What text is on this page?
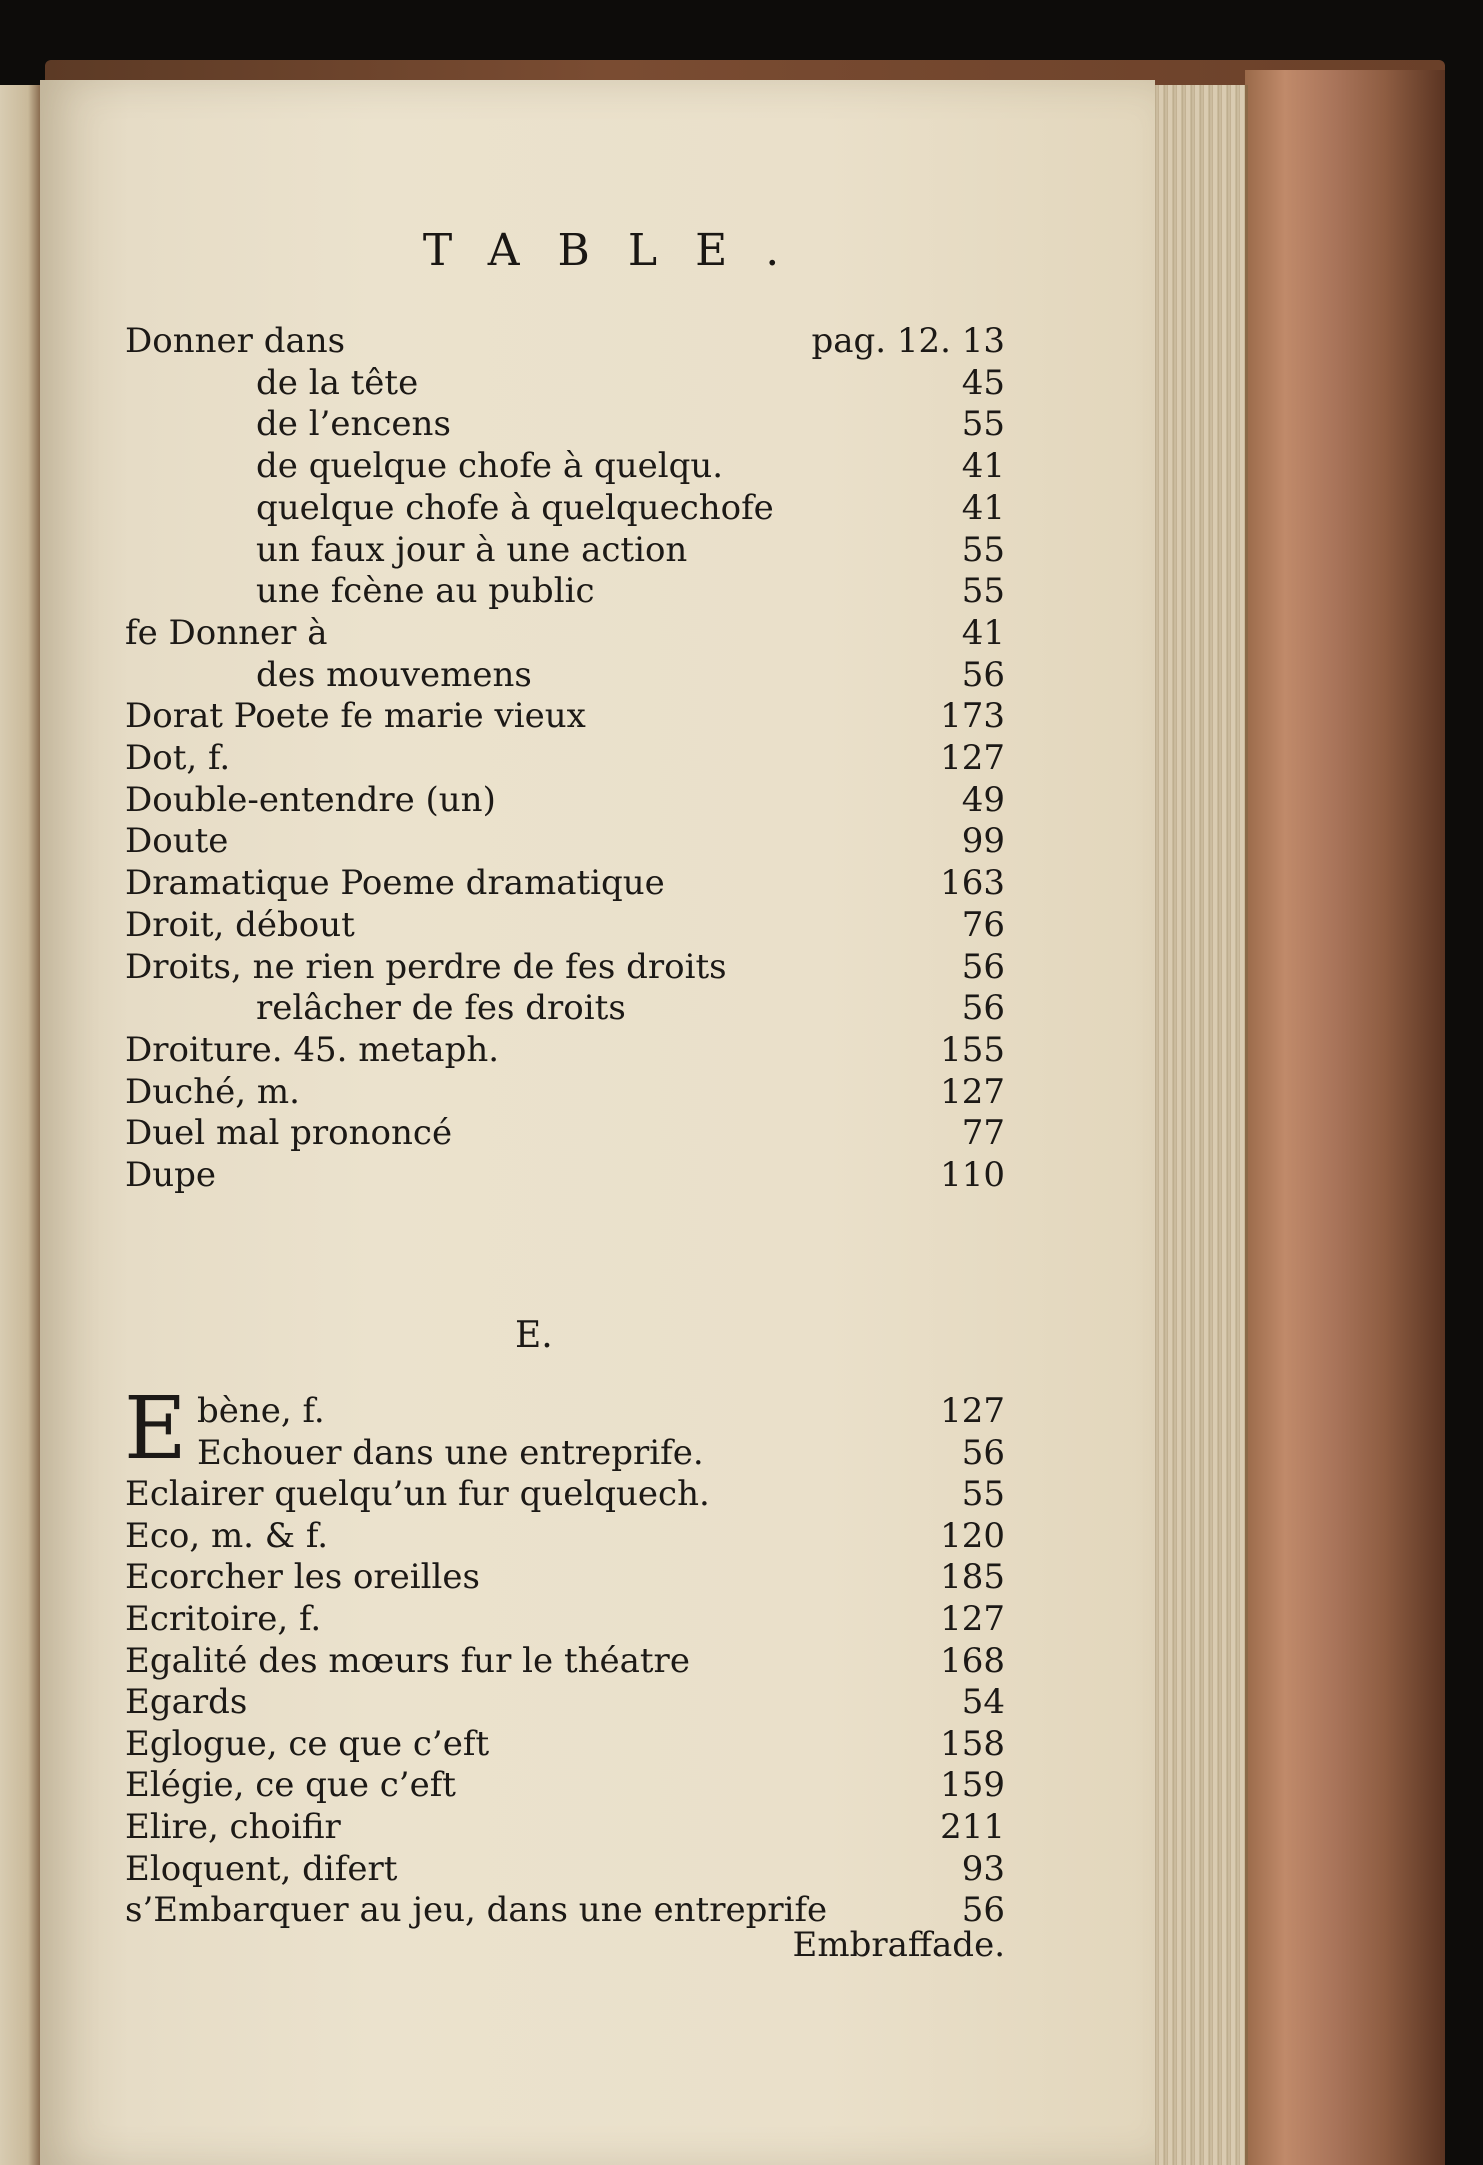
TABLE.
Donner dans	pag. 12. 13
de la tête	45
de l’encens	55
de quelque chofe à quelqu.	41
quelque chofe à quelquechofe	41
un faux jour à une action	55
une fcène au public	55
fe Donner à	41
des mouvemens	56
Dorat Poete fe marie vieux	173
Dot, f.	127
Double-entendre (un)	49
Doute	99
Dramatique Poeme dramatique	163
Droit, débout	76
Droits, ne rien perdre de fes droits	56
relâcher de fes droits	56
Droiture. 45. metaph.	155
Duché, m.	127
Duel mal prononcé	77
Dupe	110
E.
E bène, f.	127
Echouer dans une entreprife.	56
Eclairer quelqu’un fur quelquech.	55
Eco, m. & f.	120
Ecorcher les oreilles	185
Ecritoire, f.	127
Egalité des mœurs fur le théatre	168
Egards	54
Eglogue, ce que c’eft	158
Elégie, ce que c’eft	159
Elire, choifir	211
Eloquent, difert	93
s’Embarquer au jeu, dans une entreprife	56
Embraffade.
